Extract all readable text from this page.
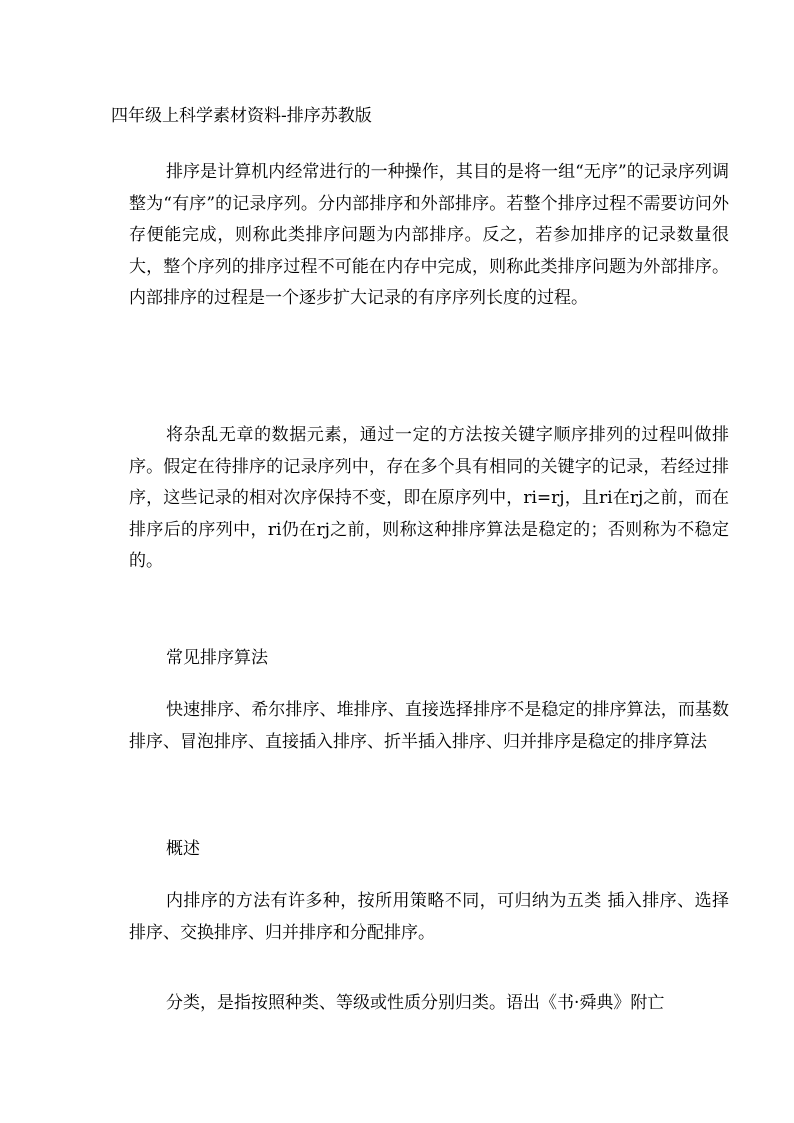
四年级上科学素材资料-排序苏教版
排序是计算机内经常进行的一种操作，其目的是将一组“无序”的记录序列调整为“有序”的记录序列。分内部排序和外部排序。若整个排序过程不需要访问外存便能完成，则称此类排序问题为内部排序。反之，若参加排序的记录数量很大，整个序列的排序过程不可能在内存中完成，则称此类排序问题为外部排序。内部排序的过程是一个逐步扩大记录的有序序列长度的过程。
将杂乱无章的数据元素，通过一定的方法按关键字顺序排列的过程叫做排序。假定在待排序的记录序列中，存在多个具有相同的关键字的记录，若经过排序，这些记录的相对次序保持不变，即在原序列中，ri=rj，且ri在rj之前，而在排序后的序列中，ri仍在rj之前，则称这种排序算法是稳定的；否则称为不稳定的。
常见排序算法
快速排序、希尔排序、堆排序、直接选择排序不是稳定的排序算法，而基数排序、冒泡排序、直接插入排序、折半插入排序、归并排序是稳定的排序算法
概述
内排序的方法有许多种，按所用策略不同，可归纳为五类 插入排序、选择排序、交换排序、归并排序和分配排序。
分类，是指按照种类、等级或性质分别归类。语出《书·舜典》附亡
